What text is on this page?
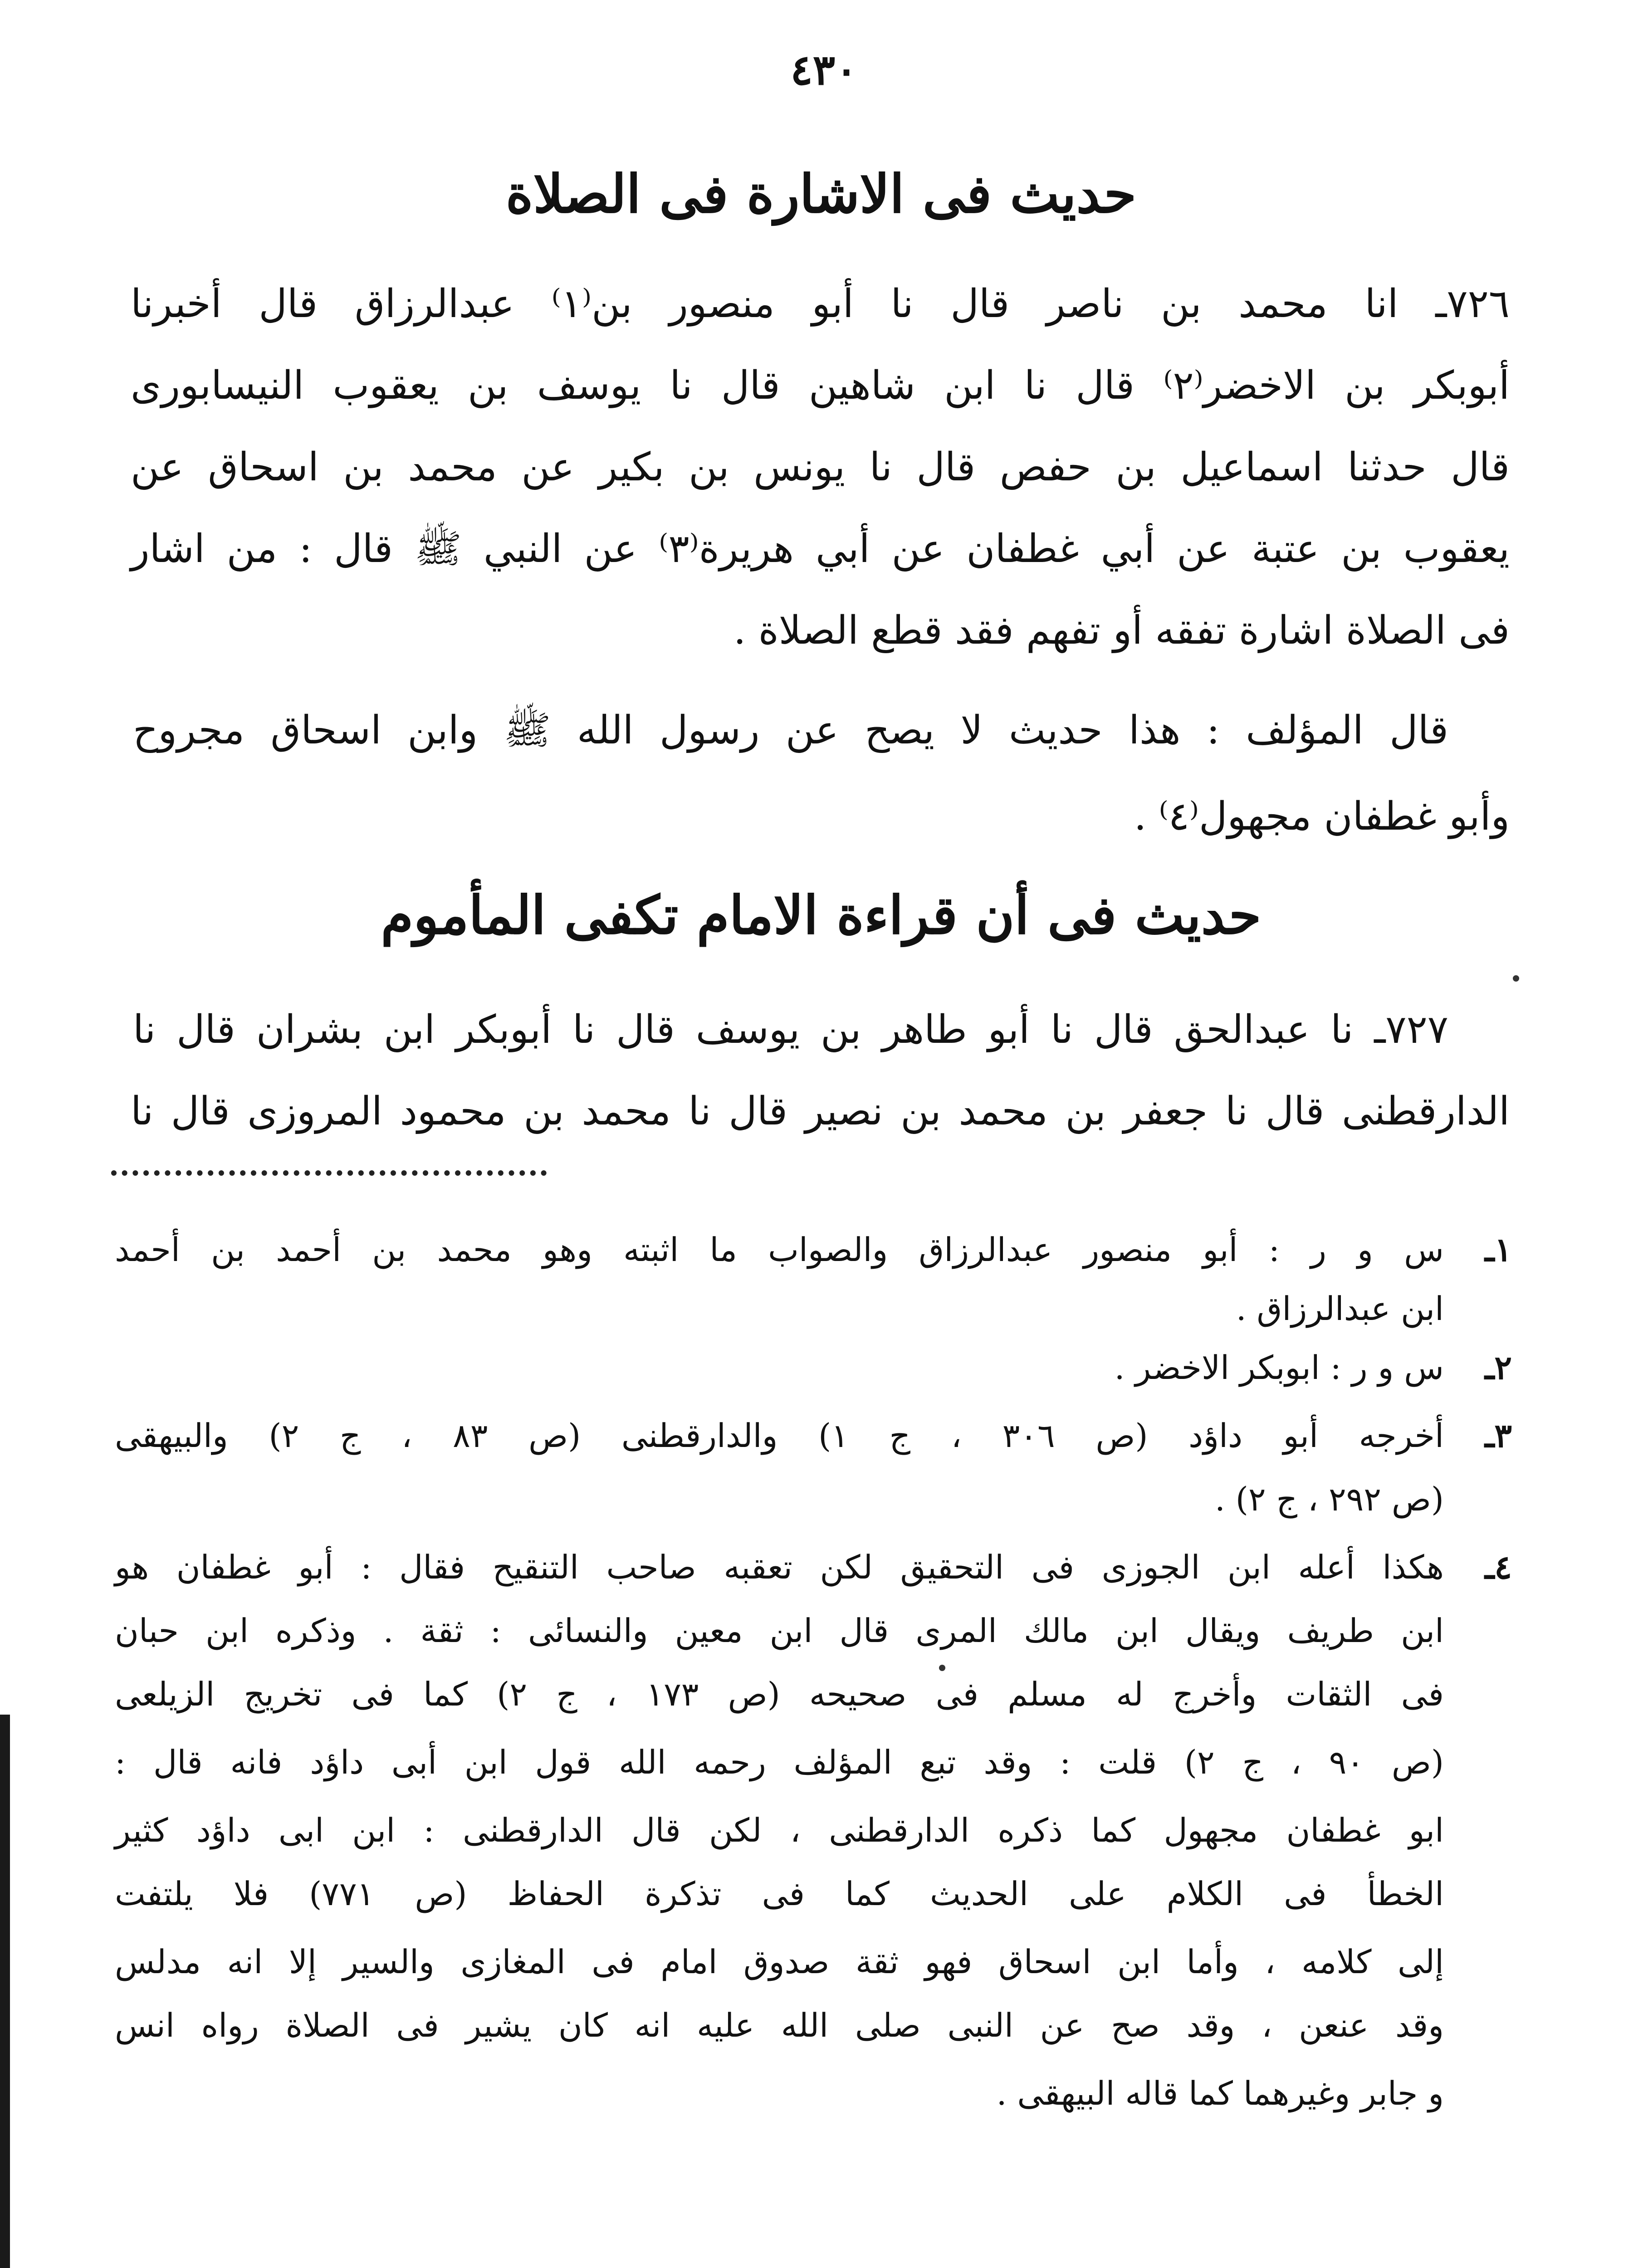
٤٣٠
حديث فى الاشارة فى الصلاة
٧٢٦ـ انا محمد بن ناصر قال نا أبو منصور بن⁽١⁾ عبدالرزاق قال أخبرنا
أبوبكر بن الاخضر⁽٢⁾ قال نا ابن شاهين قال نا يوسف بن يعقوب النيسابورى
قال حدثنا اسماعيل بن حفص قال نا يونس بن بكير عن محمد بن اسحاق عن
يعقوب بن عتبة عن أبي غطفان عن أبي هريرة⁽٣⁾ عن النبي ﷺ قال : من اشار
فى الصلاة اشارة تفقه أو تفهم فقد قطع الصلاة .
قال المؤلف : هذا حديث لا يصح عن رسول الله ﷺ وابن اسحاق مجروح
وأبو غطفان مجهول⁽٤⁾ .
حديث فى أن قراءة الامام تكفى المأموم
٧٢٧ـ نا عبدالحق قال نا أبو طاهر بن يوسف قال نا أبوبكر ابن بشران قال نا
الدارقطنى قال نا جعفر بن محمد بن نصير قال نا محمد بن محمود المروزى قال نا
١ـ
س و ر : أبو منصور عبدالرزاق والصواب ما اثبته وهو محمد بن أحمد بن أحمد
ابن عبدالرزاق .
٢ـ
س و ر : ابوبكر الاخضر .
٣ـ
أخرجه أبو داؤد (ص ٣٠٦ ، ج ١) والدارقطنى (ص ٨٣ ، ج ٢) والبيهقى
(ص ٢٩٢ ، ج ٢) .
٤ـ
هكذا أعله ابن الجوزى فى التحقيق لكن تعقبه صاحب التنقيح فقال : أبو غطفان هو
ابن طريف ويقال ابن مالك المرى قال ابن معين والنسائى : ثقة . وذكره ابن حبان
فى الثقات وأخرج له مسلم فى صحيحه (ص ١٧٣ ، ج ٢) كما فى تخريج الزيلعى
(ص ٩٠ ، ج ٢) قلت : وقد تبع المؤلف رحمه الله قول ابن أبى داؤد فانه قال :
ابو غطفان مجهول كما ذكره الدارقطنى ، لكن قال الدارقطنى : ابن ابى داؤد كثير
الخطأ فى الكلام على الحديث كما فى تذكرة الحفاظ (ص ٧٧١) فلا يلتفت
إلى كلامه ، وأما ابن اسحاق فهو ثقة صدوق امام فى المغازى والسير إلا انه مدلس
وقد عنعن ، وقد صح عن النبى صلى الله عليه انه كان يشير فى الصلاة رواه انس
و جابر وغيرهما كما قاله البيهقى .
